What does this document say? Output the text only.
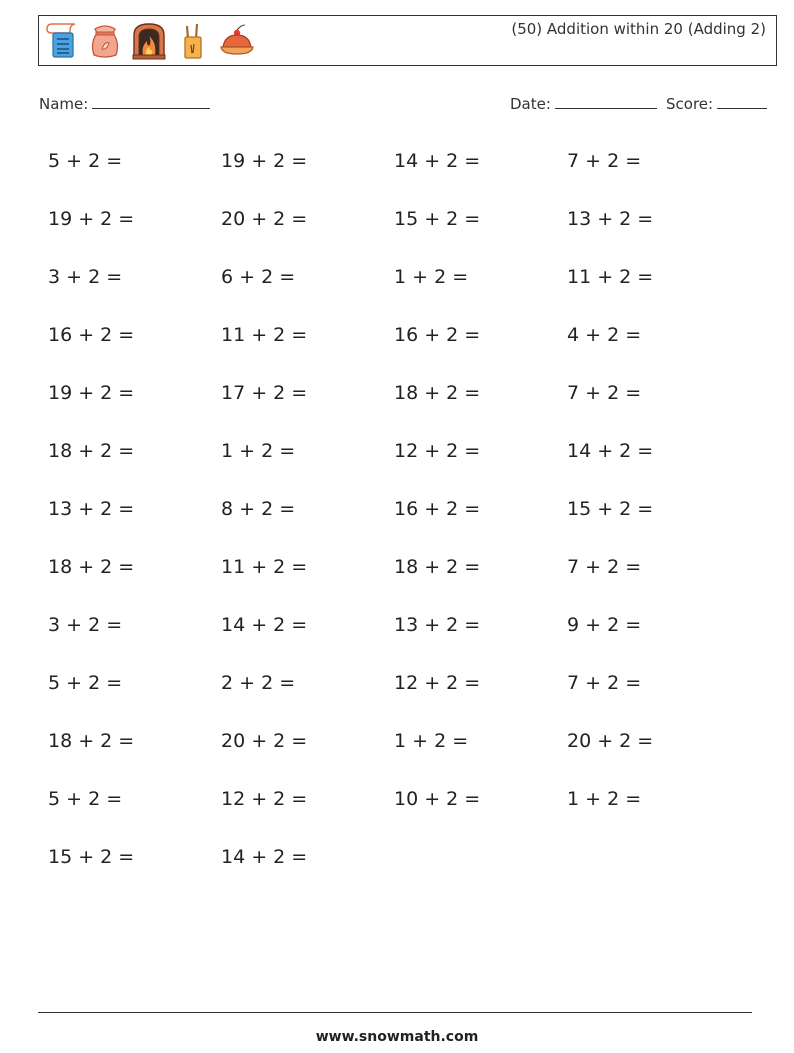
(50) Addition within 20 (Adding 2)
Name:	Date:	Score:
5 + 2 =	19 + 2 =	14 + 2 =	7 + 2 =
19 + 2 =	20 + 2 =	15 + 2 =	13 + 2 =
3 + 2 =	6 + 2 =	1 + 2 =	11 + 2 =
16 + 2 =	11 + 2 =	16 + 2 =	4 + 2 =
19 + 2 =	17 + 2 =	18 + 2 =	7 + 2 =
18 + 2 =	1 + 2 =	12 + 2 =	14 + 2 =
13 + 2 =	8 + 2 =	16 + 2 =	15 + 2 =
18 + 2 =	11 + 2 =	18 + 2 =	7 + 2 =
3 + 2 =	14 + 2 =	13 + 2 =	9 + 2 =
5 + 2 =	2 + 2 =	12 + 2 =	7 + 2 =
18 + 2 =	20 + 2 =	1 + 2 =	20 + 2 =
5 + 2 =	12 + 2 =	10 + 2 =	1 + 2 =
15 + 2 =	14 + 2 =
www.snowmath.com
